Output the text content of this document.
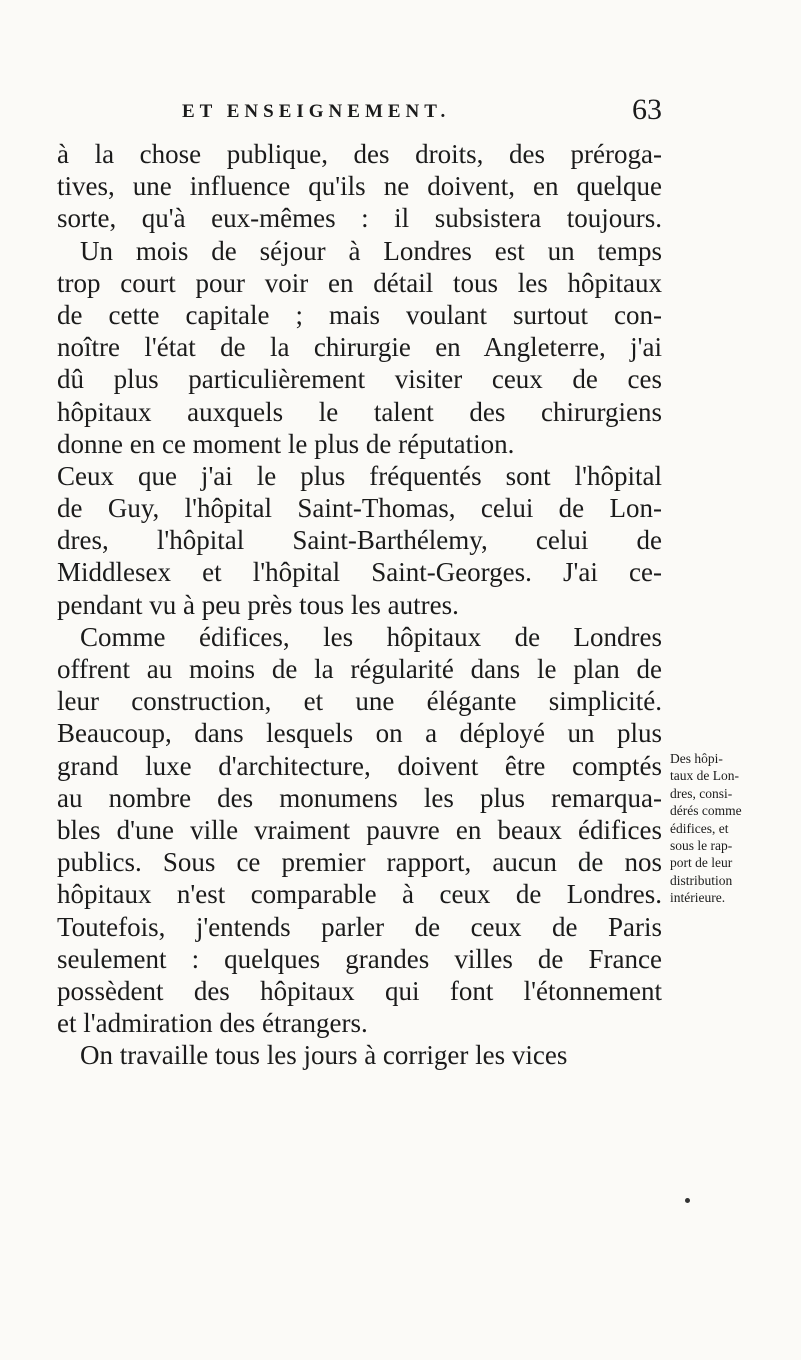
ET ENSEIGNEMENT.	63
à la chose publique, des droits, des préroga-
tives, une influence qu'ils ne doivent, en quelque
sorte, qu'à eux-mêmes : il subsistera toujours.
Un mois de séjour à Londres est un temps
trop court pour voir en détail tous les hôpitaux
de cette capitale ; mais voulant surtout con-
noître l'état de la chirurgie en Angleterre, j'ai
dû plus particulièrement visiter ceux de ces
hôpitaux auxquels le talent des chirurgiens
donne en ce moment le plus de réputation.
Ceux que j'ai le plus fréquentés sont l'hôpital
de Guy, l'hôpital Saint-Thomas, celui de Lon-
dres, l'hôpital Saint-Barthélemy, celui de
Middlesex et l'hôpital Saint-Georges. J'ai ce-
pendant vu à peu près tous les autres.
Comme édifices, les hôpitaux de Londres
offrent au moins de la régularité dans le plan de
leur construction, et une élégante simplicité.
Beaucoup, dans lesquels on a déployé un plus
grand luxe d'architecture, doivent être comptés
au nombre des monumens les plus remarqua-
bles d'une ville vraiment pauvre en beaux édifices
publics. Sous ce premier rapport, aucun de nos
hôpitaux n'est comparable à ceux de Londres.
Toutefois, j'entends parler de ceux de Paris
seulement : quelques grandes villes de France
possèdent des hôpitaux qui font l'étonnement
et l'admiration des étrangers.
On travaille tous les jours à corriger les vices
Des hôpi-
taux de Lon-
dres, consi-
dérés comme
édifices, et
sous le rap-
port de leur
distribution
intérieure.
